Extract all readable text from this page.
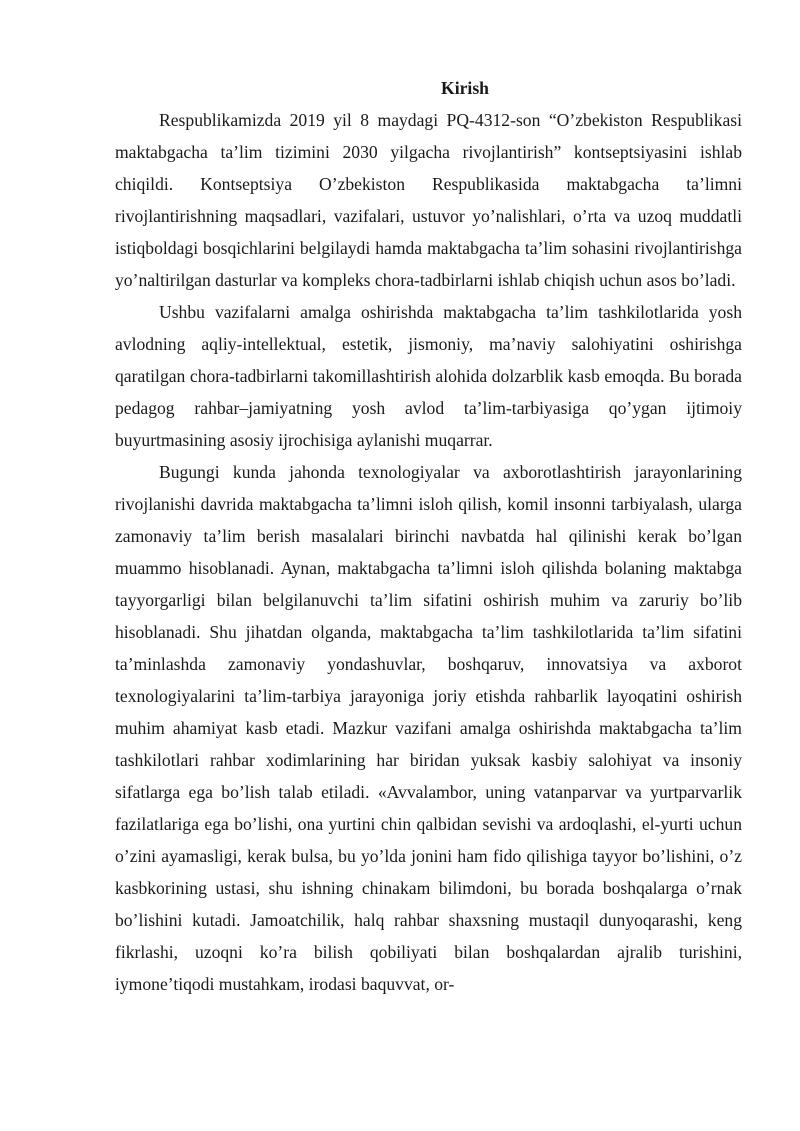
Kirish

Respublikamizda 2019 yil 8 maydagi PQ-4312-son “O’zbekiston Respublikasi maktabgacha ta’lim tizimini 2030 yilgacha rivojlantirish” kontseptsiyasini ishlab chiqildi. Kontseptsiya O’zbekiston Respublikasida maktabgacha ta’limni rivojlantirishning maqsadlari, vazifalari, ustuvor yo’nalishlari, o’rta va uzoq muddatli istiqboldagi bosqichlarini belgilaydi hamda maktabgacha ta’lim sohasini rivojlantirishga yo’naltirilgan dasturlar va kompleks chora-tadbirlarni ishlab chiqish uchun asos bo’ladi.

Ushbu vazifalarni amalga oshirishda maktabgacha ta’lim tashkilotlarida yosh avlodning aqliy-intellektual, estetik, jismoniy, ma’naviy salohiyatini oshirishga qaratilgan chora-tadbirlarni takomillashtirish alohida dolzarblik kasb emoqda. Bu borada pedagog rahbar–jamiyatning yosh avlod ta’lim-tarbiyasiga qo’ygan ijtimoiy buyurtmasining asosiy ijrochisiga aylanishi muqarrar.

Bugungi kunda jahonda texnologiyalar va axborotlashtirish jarayonlarining rivojlanishi davrida maktabgacha ta’limni isloh qilish, komil insonni tarbiyalash, ularga zamonaviy ta’lim berish masalalari birinchi navbatda hal qilinishi kerak bo’lgan muammo hisoblanadi. Aynan, maktabgacha ta’limni isloh qilishda bolaning maktabga tayyorgarligi bilan belgilanuvchi ta’lim sifatini oshirish muhim va zaruriy bo’lib hisoblanadi. Shu jihatdan olganda, maktabgacha ta’lim tashkilotlarida ta’lim sifatini ta’minlashda zamonaviy yondashuvlar, boshqaruv, innovatsiya va axborot texnologiyalarini ta’lim-tarbiya jarayoniga joriy etishda rahbarlik layoqatini oshirish muhim ahamiyat kasb etadi. Mazkur vazifani amalga oshirishda maktabgacha ta’lim tashkilotlari rahbar xodimlarining har biridan yuksak kasbiy salohiyat va insoniy sifatlarga ega bo’lish talab etiladi. «Avvalambor, uning vatanparvar va yurtparvarlik fazilatlariga ega bo’lishi, ona yurtini chin qalbidan sevishi va ardoqlashi, el-yurti uchun o’zini ayamasligi, kerak bulsa, bu yo’lda jonini ham fido qilishiga tayyor bo’lishini, o’z kasbkorining ustasi, shu ishning chinakam bilimdoni, bu borada boshqalarga o’rnak bo’lishini kutadi. Jamoatchilik, halq rahbar shaxsning mustaqil dunyoqarashi, keng fikrlashi, uzoqni ko’ra bilish qobiliyati bilan boshqalardan ajralib turishini, iymone’tiqodi mustahkam, irodasi baquvvat, or-
